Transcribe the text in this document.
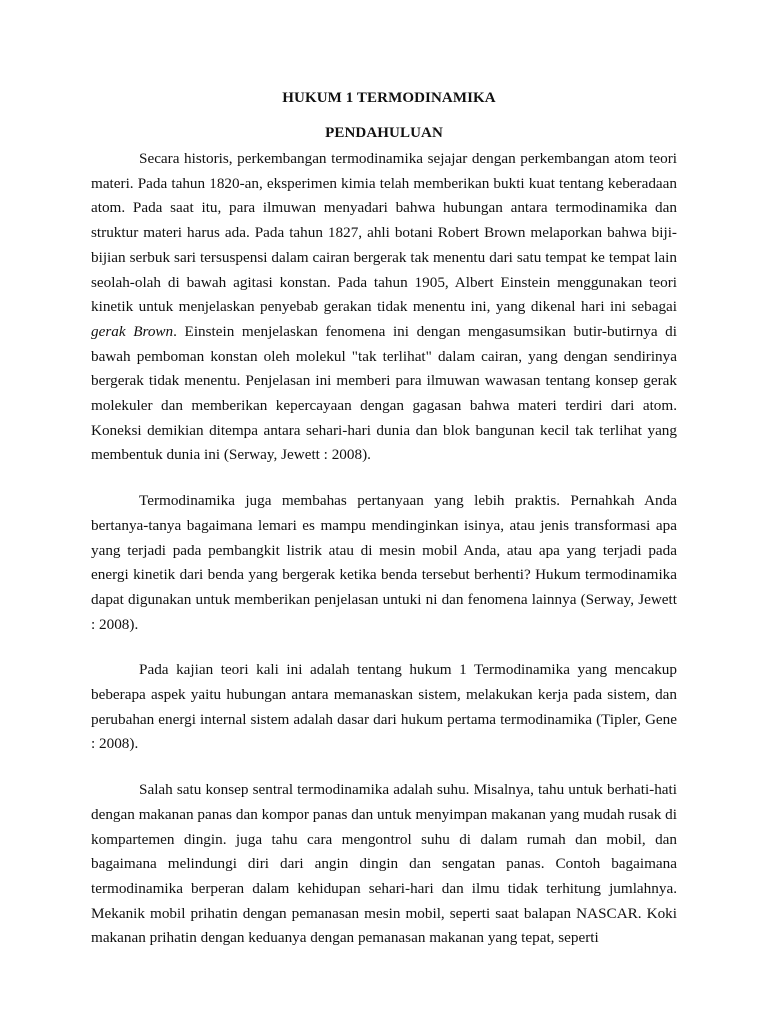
HUKUM 1 TERMODINAMIKA
PENDAHULUAN

Secara historis, perkembangan termodinamika sejajar dengan perkembangan atom teori materi. Pada tahun 1820-an, eksperimen kimia telah memberikan bukti kuat tentang keberadaan atom. Pada saat itu, para ilmuwan menyadari bahwa hubungan antara termodinamika dan struktur materi harus ada. Pada tahun 1827, ahli botani Robert Brown melaporkan bahwa biji-bijian serbuk sari tersuspensi dalam cairan bergerak tak menentu dari satu tempat ke tempat lain seolah-olah di bawah agitasi konstan. Pada tahun 1905, Albert Einstein menggunakan teori kinetik untuk menjelaskan penyebab gerakan tidak menentu ini, yang dikenal hari ini sebagai gerak Brown. Einstein menjelaskan fenomena ini dengan mengasumsikan butir-butirnya di bawah pemboman konstan oleh molekul "tak terlihat" dalam cairan, yang dengan sendirinya bergerak tidak menentu. Penjelasan ini memberi para ilmuwan wawasan tentang konsep gerak molekuler dan memberikan kepercayaan dengan gagasan bahwa materi terdiri dari atom. Koneksi demikian ditempa antara sehari-hari dunia dan blok bangunan kecil tak terlihat yang membentuk dunia ini (Serway, Jewett : 2008).

Termodinamika juga membahas pertanyaan yang lebih praktis. Pernahkah Anda bertanya-tanya bagaimana lemari es mampu mendinginkan isinya, atau jenis transformasi apa yang terjadi pada pembangkit listrik atau di mesin mobil Anda, atau apa yang terjadi pada energi kinetik dari benda yang bergerak ketika benda tersebut berhenti? Hukum termodinamika dapat digunakan untuk memberikan penjelasan untuki ni dan fenomena lainnya (Serway, Jewett : 2008).

Pada kajian teori kali ini adalah tentang hukum 1 Termodinamika yang mencakup beberapa aspek yaitu hubungan antara memanaskan sistem, melakukan kerja pada sistem, dan perubahan energi internal sistem adalah dasar dari hukum pertama termodinamika (Tipler, Gene : 2008).

Salah satu konsep sentral termodinamika adalah suhu. Misalnya, tahu untuk berhati-hati dengan makanan panas dan kompor panas dan untuk menyimpan makanan yang mudah rusak di kompartemen dingin. juga tahu cara mengontrol suhu di dalam rumah dan mobil, dan bagaimana melindungi diri dari angin dingin dan sengatan panas. Contoh bagaimana termodinamika berperan dalam kehidupan sehari-hari dan ilmu tidak terhitung jumlahnya. Mekanik mobil prihatin dengan pemanasan mesin mobil, seperti saat balapan NASCAR. Koki makanan prihatin dengan keduanya dengan pemanasan makanan yang tepat, seperti
